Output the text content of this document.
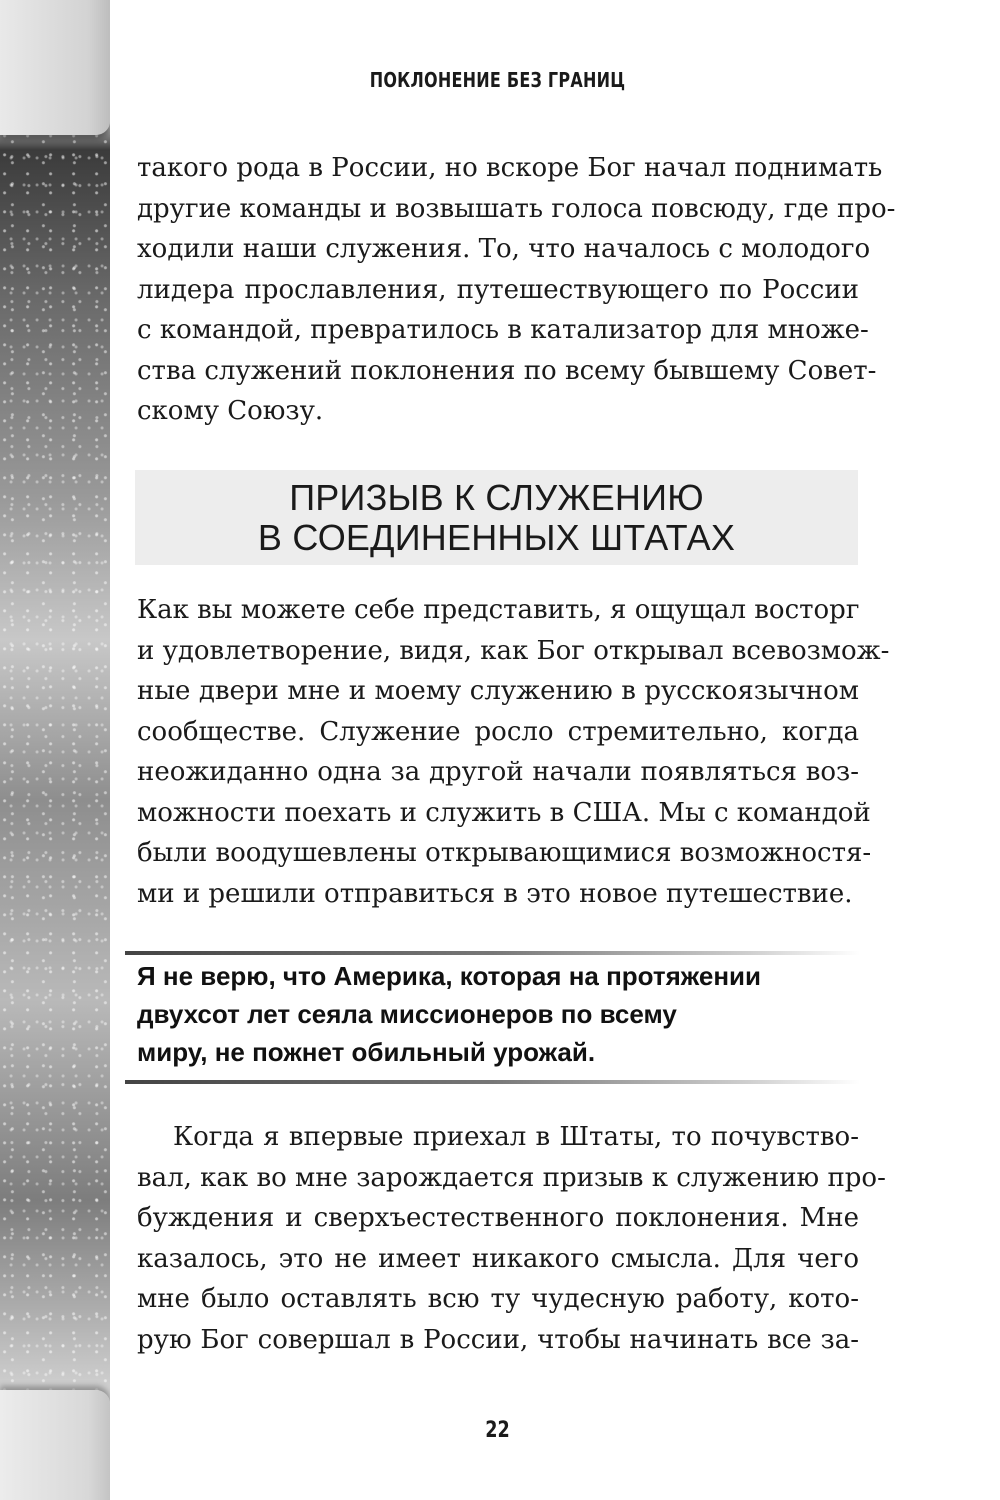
ПОКЛОНЕНИЕ БЕЗ ГРАНИЦ
такого рода в России, но вскоре Бог начал поднимать
другие команды и возвышать голоса повсюду, где про-
ходили наши служения. То, что началось с молодого
лидера прославления, путешествующего по России
с командой, превратилось в катализатор для множе-
ства служений поклонения по всему бывшему Совет-
скому Союзу.
ПРИЗЫВ К СЛУЖЕНИЮ
В СОЕДИНЕННЫХ ШТАТАХ
Как вы можете себе представить, я ощущал восторг
и удовлетворение, видя, как Бог открывал всевозмож-
ные двери мне и моему служению в русскоязычном
сообществе. Служение росло стремительно, когда
неожиданно одна за другой начали появляться воз-
можности поехать и служить в США. Мы с командой
были воодушевлены открывающимися возможностя-
ми и решили отправиться в это новое путешествие.
Я не верю, что Америка, которая на протяжении
двухсот лет сеяла миссионеров по всему
миру, не пожнет обильный урожай.
Когда я впервые приехал в Штаты, то почувство-
вал, как во мне зарождается призыв к служению про-
буждения и сверхъестественного поклонения. Мне
казалось, это не имеет никакого смысла. Для чего
мне было оставлять всю ту чудесную работу, кото-
рую Бог совершал в России, чтобы начинать все за-
22
